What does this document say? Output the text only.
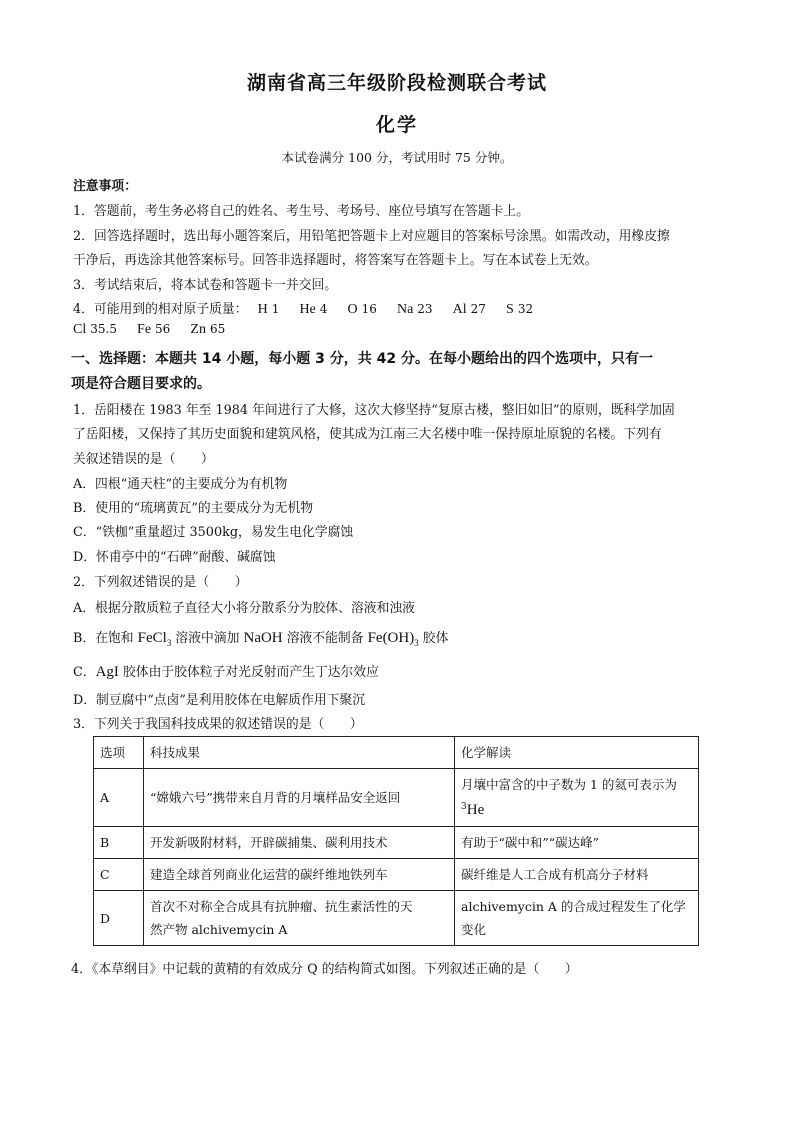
湖南省高三年级阶段检测联合考试
化学
本试卷满分 100 分，考试用时 75 分钟。
注意事项：
1．答题前，考生务必将自己的姓名、考生号、考场号、座位号填写在答题卡上。
2．回答选择题时，选出每小题答案后，用铅笔把答题卡上对应题目的答案标号涂黑。如需改动，用橡皮擦
干净后，再选涂其他答案标号。回答非选择题时，将答案写在答题卡上。写在本试卷上无效。
3．考试结束后，将本试卷和答题卡一并交回。
4．可能用到的相对原子质量： H 1 He 4 O 16 Na 23 Al 27 S 32
Cl 35.5 Fe 56 Zn 65
一、选择题：本题共 14 小题，每小题 3 分，共 42 分。在每小题给出的四个选项中，只有一
项是符合题目要求的。
1．岳阳楼在 1983 年至 1984 年间进行了大修，这次大修坚持“复原古楼，整旧如旧”的原则，既科学加固
了岳阳楼，又保持了其历史面貌和建筑风格，使其成为江南三大名楼中唯一保持原址原貌的名楼。下列有
关叙述错误的是（　　）
A．四根“通天柱”的主要成分为有机物
B．使用的“琉璃黄瓦”的主要成分为无机物
C．“铁枷”重量超过 3500kg，易发生电化学腐蚀
D．怀甫亭中的“石碑”耐酸、碱腐蚀
2．下列叙述错误的是（　　）
A．根据分散质粒子直径大小将分散系分为胶体、溶液和浊液
B．在饱和 FeCl$_3$ 溶液中滴加 NaOH 溶液不能制备 $Fe(OH)_3$ 胶体
C．AgI 胶体由于胶体粒子对光反射而产生丁达尔效应
D．制豆腐中“点卤”是利用胶体在电解质作用下聚沉
3．下列关于我国科技成果的叙述错误的是（　　）
选项	科技成果	化学解读
A	“嫦娥六号”携带来自月背的月壤样品安全返回	月壤中富含的中子数为 1 的氦可表示为
$^3$He
B	开发新吸附材料，开辟碳捕集、碳利用技术	有助于“碳中和”“碳达峰”
C	建造全球首列商业化运营的碳纤维地铁列车	碳纤维是人工合成有机高分子材料
D	首次不对称全合成具有抗肿瘤、抗生素活性的天
然产物 alchivemycin A	alchivemycin A 的合成过程发生了化学
变化
4．《本草纲目》中记载的黄精的有效成分 Q 的结构简式如图。下列叙述正确的是（　　）
